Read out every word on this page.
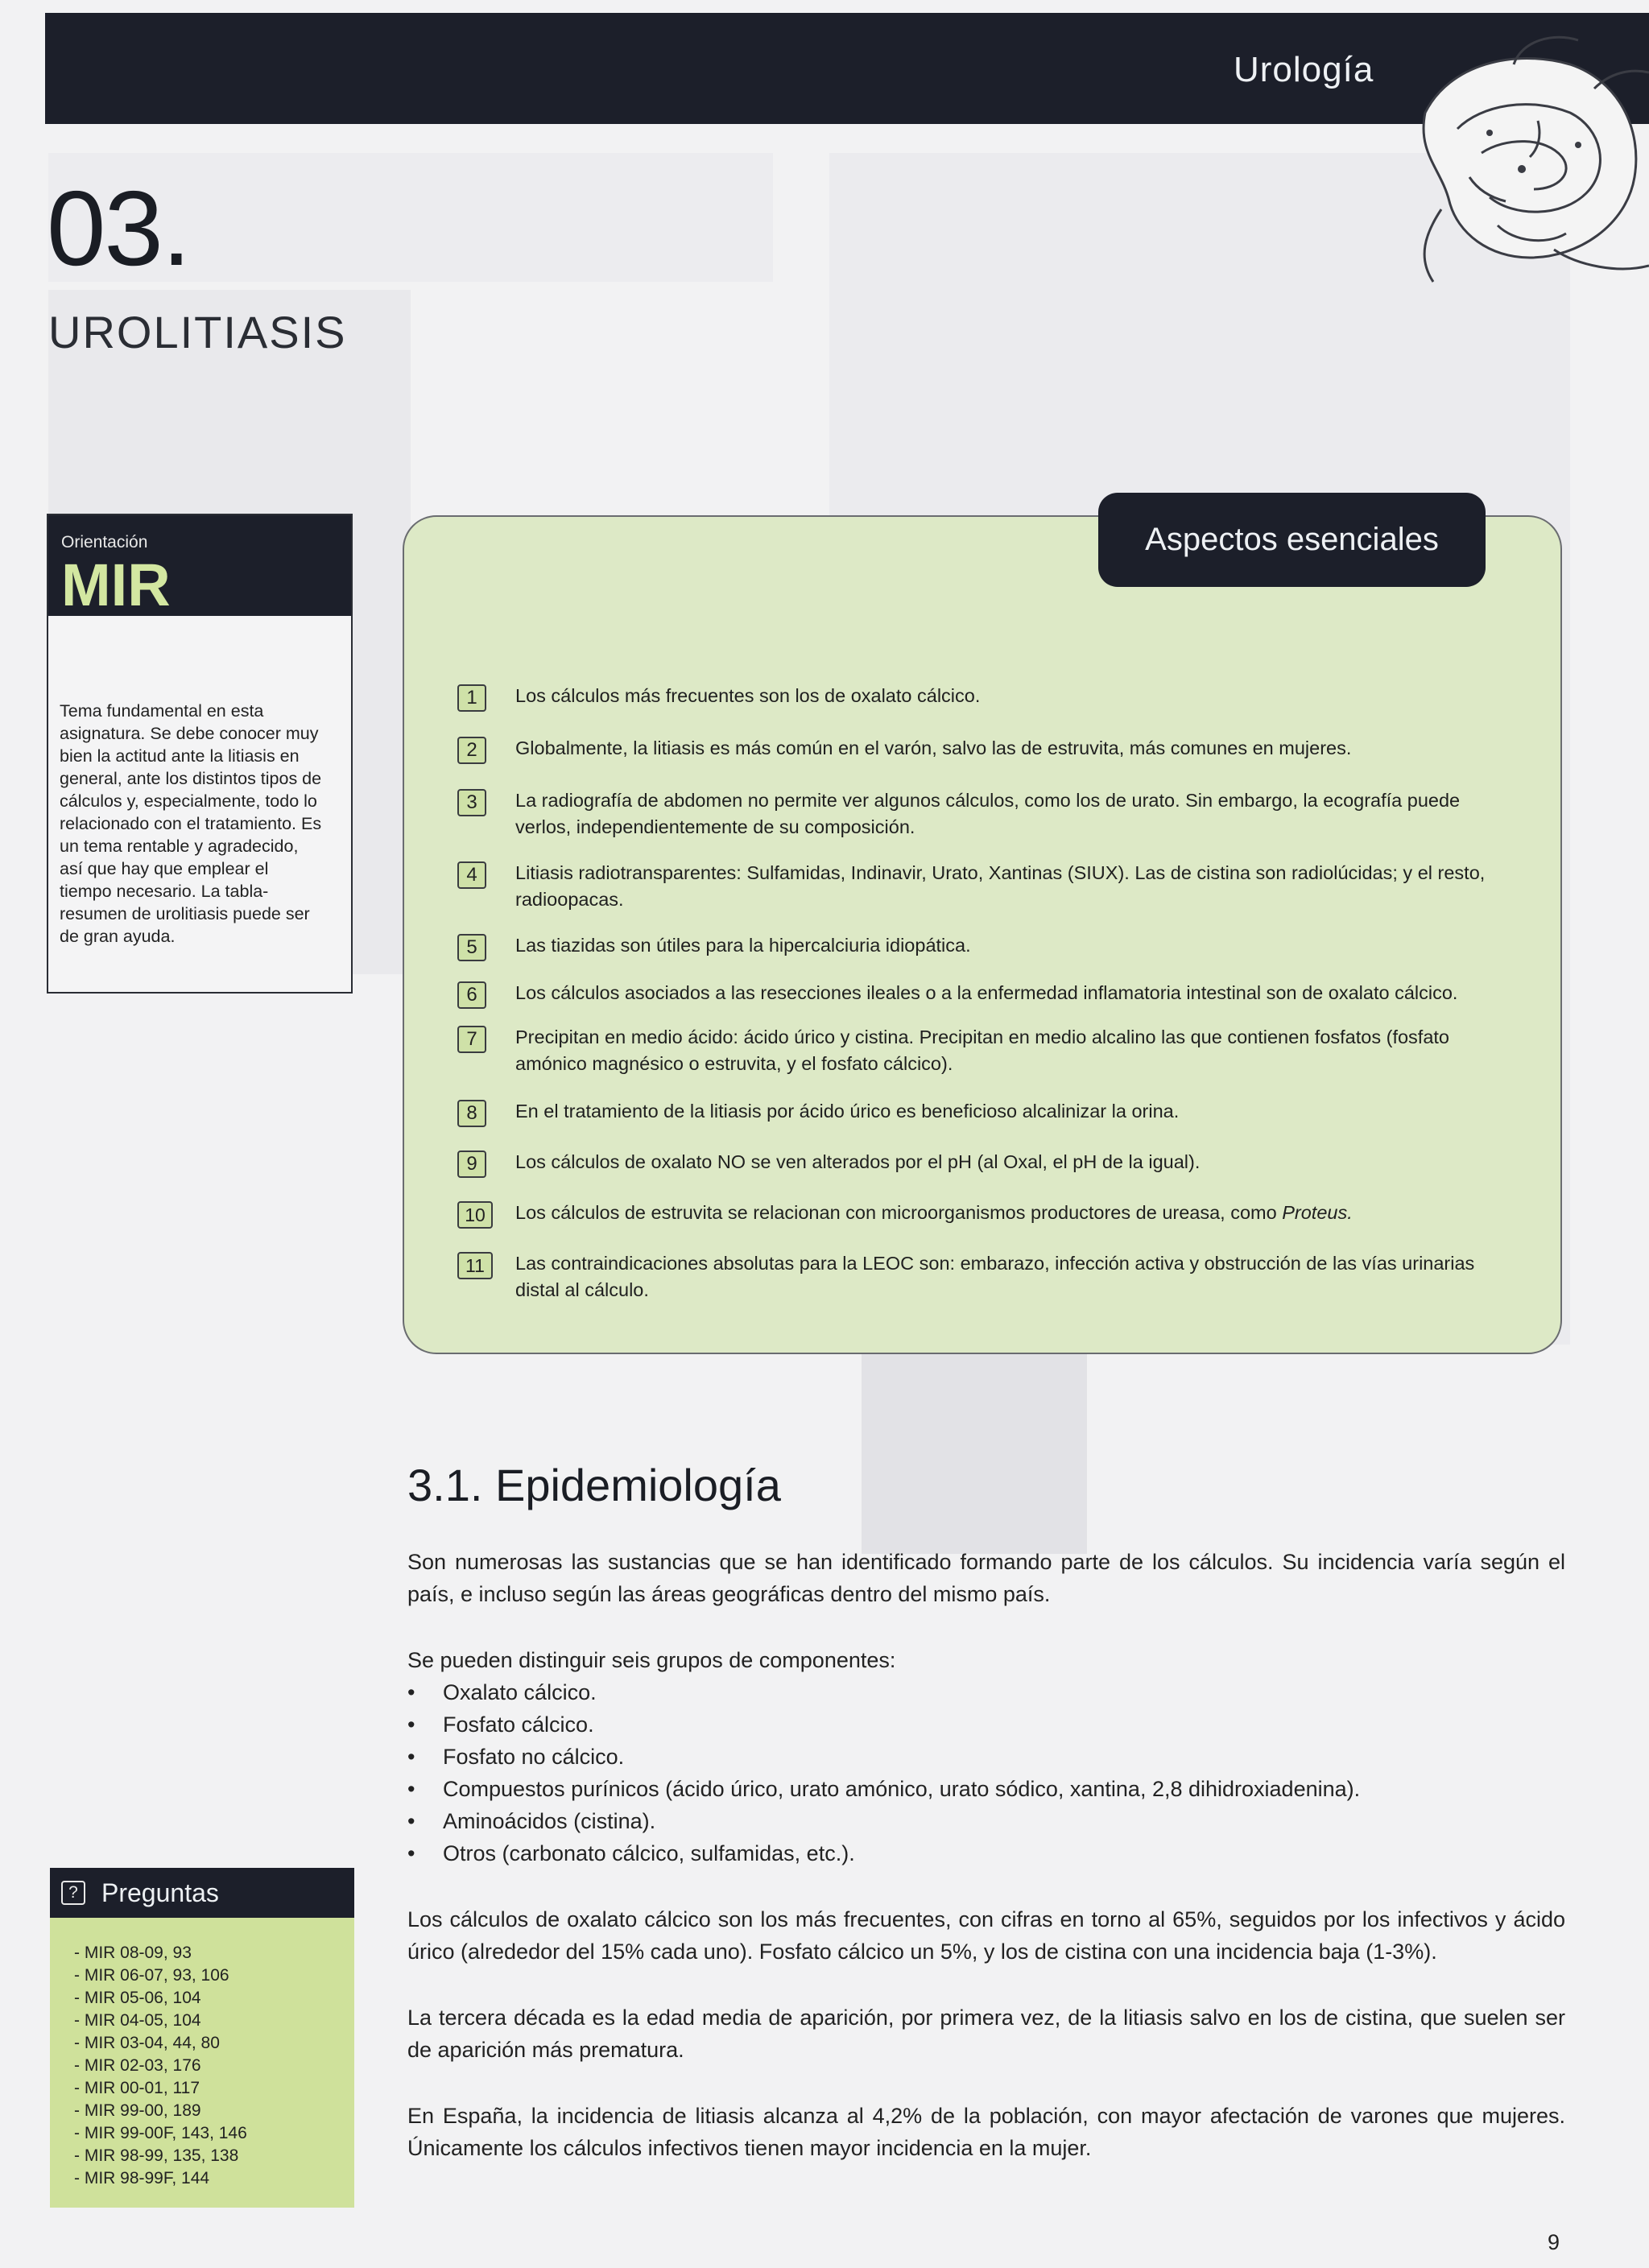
Urología
03.
UROLITIASIS
Orientación
MIR

Tema fundamental en esta asignatura. Se debe conocer muy bien la actitud ante la litiasis en general, ante los distintos tipos de cálculos y, especialmente, todo lo relacionado con el tratamiento. Es un tema rentable y agradecido, así que hay que emplear el tiempo necesario. La tabla-resumen de urolitiasis puede ser de gran ayuda.

Aspectos esenciales
1	Los cálculos más frecuentes son los de oxalato cálcico.
2	Globalmente, la litiasis es más común en el varón, salvo las de estruvita, más comunes en mujeres.
3	La radiografía de abdomen no permite ver algunos cálculos, como los de urato. Sin embargo, la ecografía puede verlos, independientemente de su composición.
4	Litiasis radiotransparentes: Sulfamidas, Indinavir, Urato, Xantinas (SIUX). Las de cistina son radiolúcidas; y el resto, radioopacas.
5	Las tiazidas son útiles para la hipercalciuria idiopática.
6	Los cálculos asociados a las resecciones ileales o a la enfermedad inflamatoria intestinal son de oxalato cálcico.
7	Precipitan en medio ácido: ácido úrico y cistina. Precipitan en medio alcalino las que contienen fosfatos (fosfato amónico magnésico o estruvita, y el fosfato cálcico).
8	En el tratamiento de la litiasis por ácido úrico es beneficioso alcalinizar la orina.
9	Los cálculos de oxalato NO se ven alterados por el pH (al Oxal, el pH de la igual).
10	Los cálculos de estruvita se relacionan con microorganismos productores de ureasa, como Proteus.
11	Las contraindicaciones absolutas para la LEOC son: embarazo, infección activa y obstrucción de las vías urinarias distal al cálculo.
3.1. Epidemiología

Son numerosas las sustancias que se han identificado formando parte de los cálculos. Su incidencia varía según el país, e incluso según las áreas geográficas dentro del mismo país.

Se pueden distinguir seis grupos de componentes:

• Oxalato cálcico.
• Fosfato cálcico.
• Fosfato no cálcico.
• Compuestos purínicos (ácido úrico, urato amónico, urato sódico, xantina, 2,8 dihidroxiadenina).
• Aminoácidos (cistina).
• Otros (carbonato cálcico, sulfamidas, etc.).

Los cálculos de oxalato cálcico son los más frecuentes, con cifras en torno al 65%, seguidos por los infectivos y ácido úrico (alrededor del 15% cada uno). Fosfato cálcico un 5%, y los de cistina con una incidencia baja (1-3%).

La tercera década es la edad media de aparición, por primera vez, de la litiasis salvo en los de cistina, que suelen ser de aparición más prematura.

En España, la incidencia de litiasis alcanza al 4,2% de la población, con mayor afectación de varones que mujeres. Únicamente los cálculos infectivos tienen mayor incidencia en la mujer.

? Preguntas
- MIR 08-09, 93
- MIR 06-07, 93, 106
- MIR 05-06, 104
- MIR 04-05, 104
- MIR 03-04, 44, 80
- MIR 02-03, 176
- MIR 00-01, 117
- MIR 99-00, 189
- MIR 99-00F, 143, 146
- MIR 98-99, 135, 138
- MIR 98-99F, 144
9
